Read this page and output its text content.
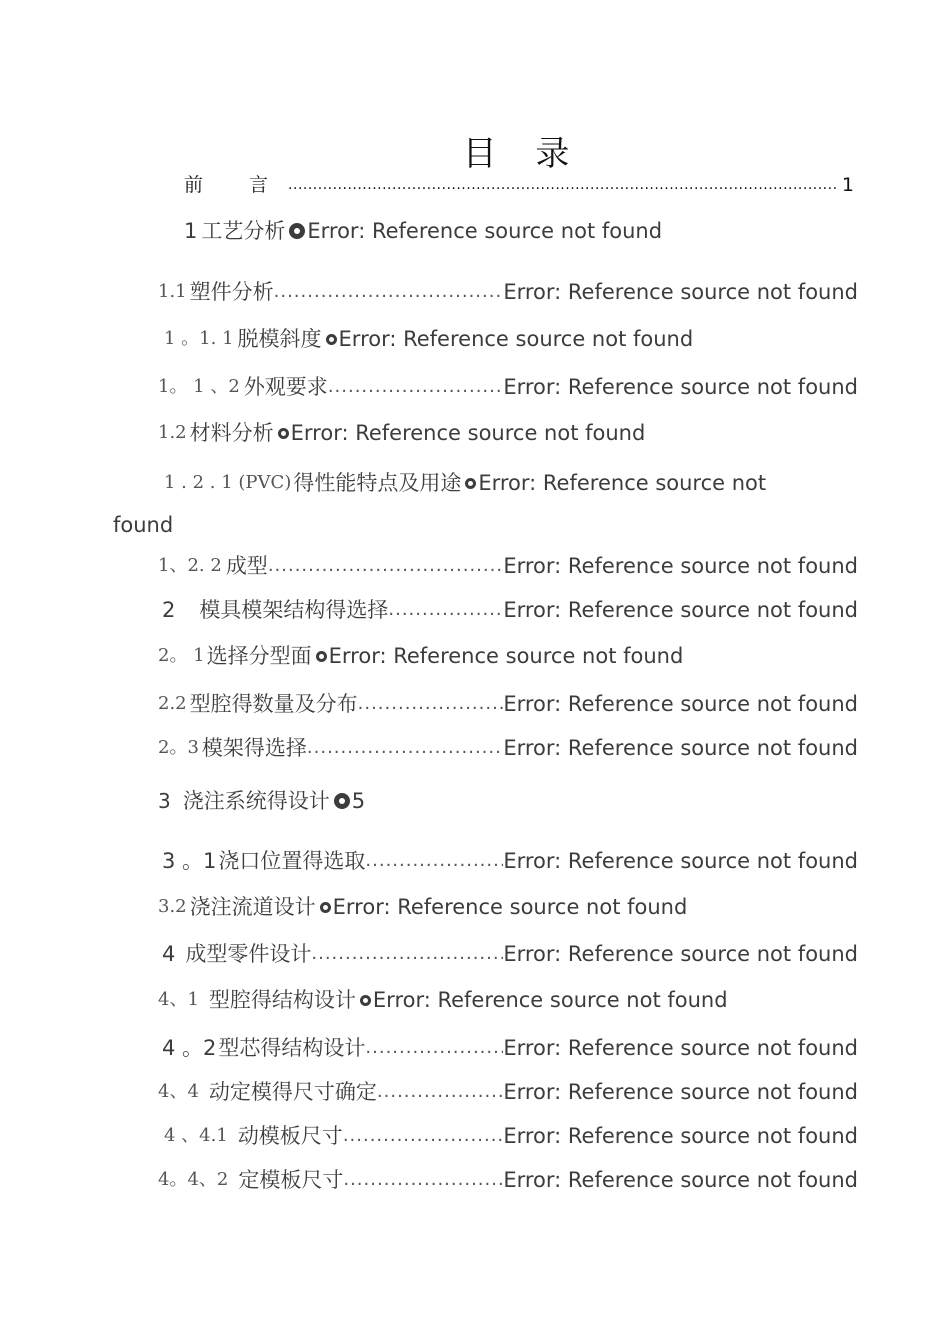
目 录
前 言 .....	1
1 工艺分析 Error: Reference source not found
1.1 塑件分析 .....	Error: Reference source not found
1 。1. 1 脱模斜度 Error: Reference source not found
1。 1 、2 外观要求 .....	Error: Reference source not found
1.2 材料分析 Error: Reference source not found
1 . 2 . 1 (PVC) 得性能特点及用途 Error: Reference source not
found
1、2. 2 成型 .....	Error: Reference source not found
2 模具模架结构得选择 .....	Error: Reference source not found
2。 1 选择分型面 Error: Reference source not found
2.2 型腔得数量及分布 .....	Error: Reference source not found
2。3 模架得选择 .....	Error: Reference source not found
3 浇注系统得设计 5
3 。1 浇口位置得选取 .....	Error: Reference source not found
3.2 浇注流道设计 Error: Reference source not found
4 成型零件设计 .....	Error: Reference source not found
4、1 型腔得结构设计 Error: Reference source not found
4 。2 型芯得结构设计 .....	Error: Reference source not found
4、4 动定模得尺寸确定 .....	Error: Reference source not found
4 、4.1 动模板尺寸 .....	Error: Reference source not found
4。4、2 定模板尺寸 .....	Error: Reference source not found
